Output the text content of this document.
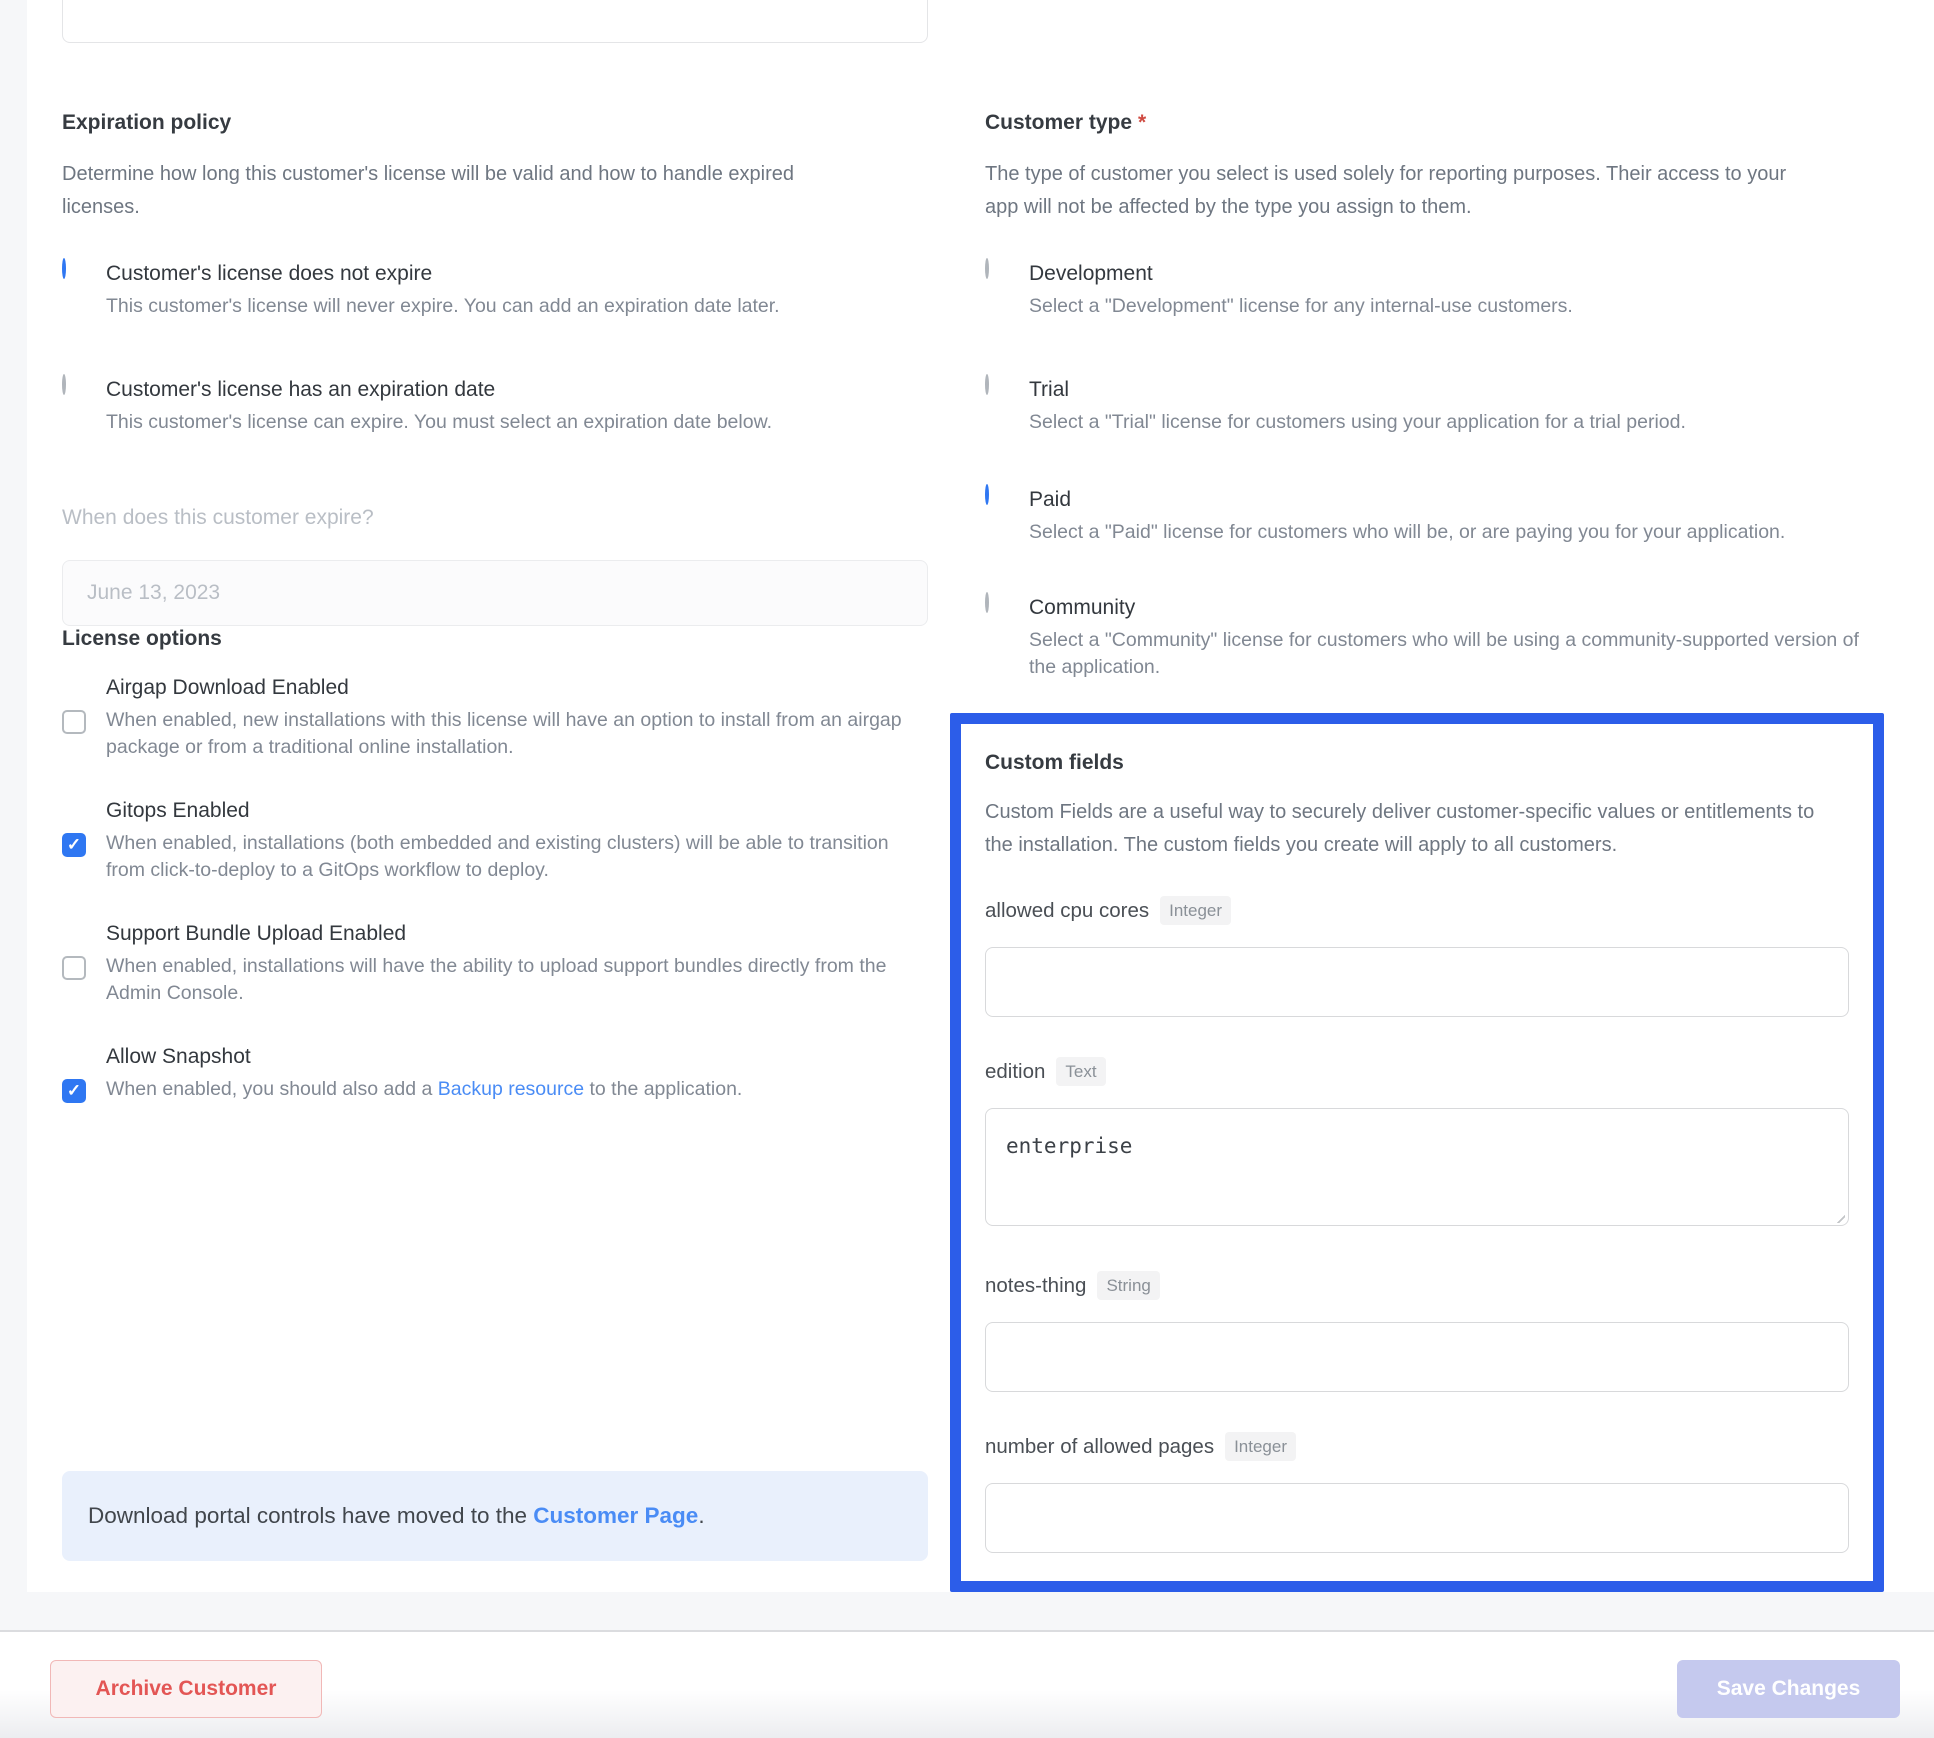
Expiration policy

Determine how long this customer's license will be valid and how to handle expired licenses.

Customer's license does not expire
This customer's license will never expire. You can add an expiration date later.
Customer's license has an expiration date
This customer's license can expire. You must select an expiration date below.
When does this customer expire?
June 13, 2023
License options
Airgap Download Enabled
When enabled, new installations with this license will have an option to install from an airgap package or from a traditional online installation.
✓
Gitops Enabled
When enabled, installations (both embedded and existing clusters) will be able to transition from click-to-deploy to a GitOps workflow to deploy.
Support Bundle Upload Enabled
When enabled, installations will have the ability to upload support bundles directly from the Admin Console.
✓
Allow Snapshot
When enabled, you should also add a Backup resource to the application.
Customer type *

The type of customer you select is used solely for reporting purposes. Their access to your app will not be affected by the type you assign to them.

Development
Select a "Development" license for any internal-use customers.
Trial
Select a "Trial" license for customers using your application for a trial period.
Paid
Select a "Paid" license for customers who will be, or are paying you for your application.
Community
Select a "Community" license for customers who will be using a community-supported version of the application.
Custom fields

Custom Fields are a useful way to securely deliver customer-specific values or entitlements to the installation. The custom fields you create will apply to all customers.

allowed cpu cores	Integer
edition	Text
enterprise
notes-thing	String
number of allowed pages	Integer
Download portal controls have moved to the Customer Page.
Archive Customer	Save Changes
